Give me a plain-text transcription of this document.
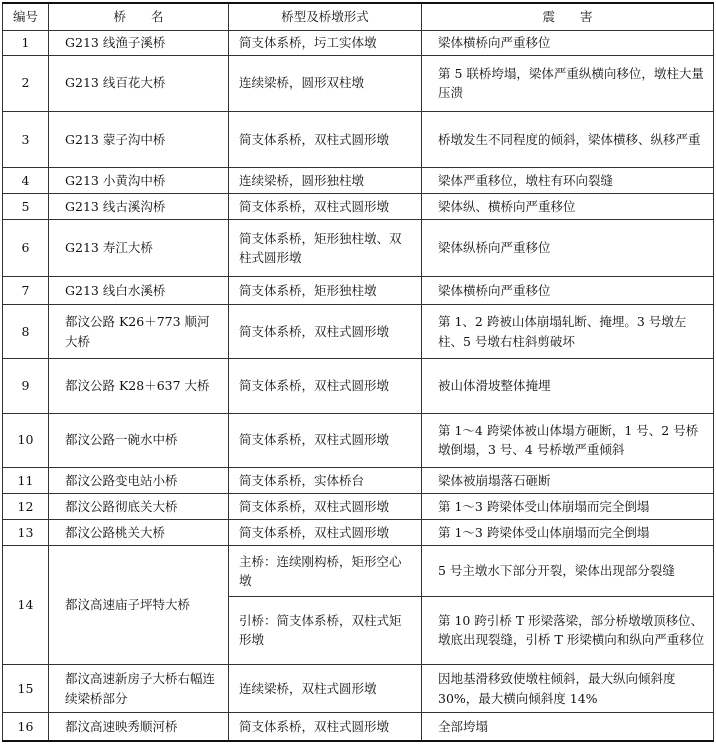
编号	桥　　名	桥型及桥墩形式	震　　害
1	G213 线渔子溪桥	简支体系桥，圬工实体墩	梁体横桥向严重移位
2	G213 线百花大桥	连续梁桥，圆形双柱墩	第 5 联桥垮塌，梁体严重纵横向移位，墩柱大量压溃
3	G213 蒙子沟中桥	简支体系桥，双柱式圆形墩	桥墩发生不同程度的倾斜，梁体横移、纵移严重
4	G213 小黄沟中桥	连续梁桥，圆形独柱墩	梁体严重移位，墩柱有环向裂缝
5	G213 线古溪沟桥	简支体系桥，双柱式圆形墩	梁体纵、横桥向严重移位
6	G213 寿江大桥	简支体系桥，矩形独柱墩、双柱式圆形墩	梁体纵桥向严重移位
7	G213 线白水溪桥	简支体系桥，矩形独柱墩	梁体横桥向严重移位
8	都汶公路 K26＋773 顺河大桥	简支体系桥，双柱式圆形墩	第 1、2 跨被山体崩塌轧断、掩埋。3 号墩左柱、5 号墩右柱斜剪破坏
9	都汶公路 K28＋637 大桥	简支体系桥，双柱式圆形墩	被山体滑坡整体掩埋
10	都汶公路一碗水中桥	简支体系桥，双柱式圆形墩	第 1～4 跨梁体被山体塌方砸断，1 号、2 号桥墩倒塌，3 号、4 号桥墩严重倾斜
11	都汶公路变电站小桥	简支体系桥，实体桥台	梁体被崩塌落石砸断
12	都汶公路彻底关大桥	简支体系桥，双柱式圆形墩	第 1～3 跨梁体受山体崩塌而完全倒塌
13	都汶公路桃关大桥	简支体系桥，双柱式圆形墩	第 1～3 跨梁体受山体崩塌而完全倒塌
14	都汶高速庙子坪特大桥	主桥：连续刚构桥，矩形空心墩	5 号主墩水下部分开裂，梁体出现部分裂缝
		引桥：简支体系桥，双柱式矩形墩	第 10 跨引桥 T 形梁落梁，部分桥墩墩顶移位、墩底出现裂缝，引桥 T 形梁横向和纵向严重移位
15	都汶高速新房子大桥右幅连续梁桥部分	连续梁桥，双柱式圆形墩	因地基滑移致使墩柱倾斜，最大纵向倾斜度 30%，最大横向倾斜度 14%
16	都汶高速映秀顺河桥	简支体系桥，双柱式圆形墩	全部垮塌
